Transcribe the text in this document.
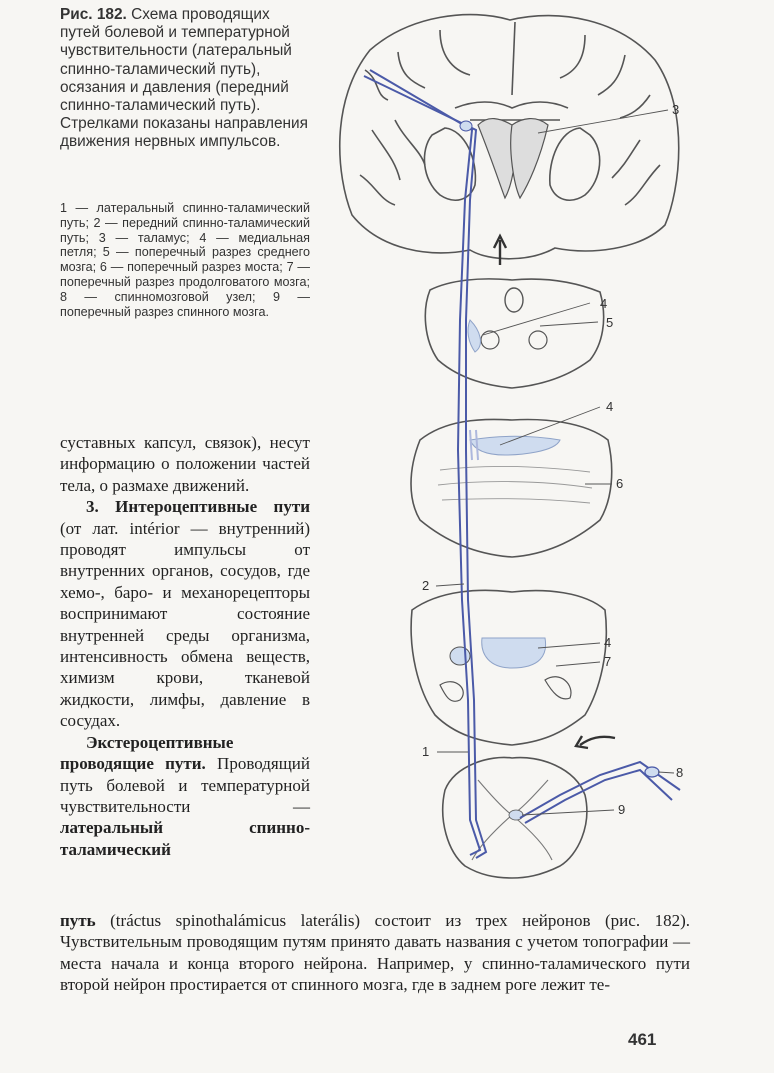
Рис. 182. Схема проводящих путей болевой и температурной чувствительности (латеральный спинно-таламический путь), осязания и давления (передний спинно-таламический путь). Стрелками показаны направления движения нервных импульсов.
1 — латеральный спинно-таламический путь; 2 — передний спинно-таламический путь; 3 — таламус; 4 — медиальная петля; 5 — поперечный разрез среднего мозга; 6 — поперечный разрез моста; 7 — поперечный разрез продолговатого мозга; 8 — спинномозговой узел; 9 — поперечный разрез спинного мозга.

суставных капсул, связок), несут информацию о положении частей тела, о размахе движений.

3. Интероцептивные пути (от лат. intérior — внутренний) проводят импульсы от внутренних органов, сосудов, где хемо-, баро- и механорецепторы воспринимают состояние внутренней среды организма, интенсивность обмена веществ, химизм крови, тканевой жидкости, лимфы, давление в сосудах.

Экстероцептивные проводящие пути. Проводящий путь болевой и температурной чувствительности — латеральный спинно-таламический

путь (tráctus spinothalámicus laterális) состоит из трех нейронов (рис. 182). Чувствительным проводящим путям принято давать названия с учетом топографии — места начала и конца второго нейрона. Например, у спинно-таламического пути второй нейрон простирается от спинного мозга, где в заднем роге лежит те-

3
4
5
4
6
2
4
7
1
8
9
461
